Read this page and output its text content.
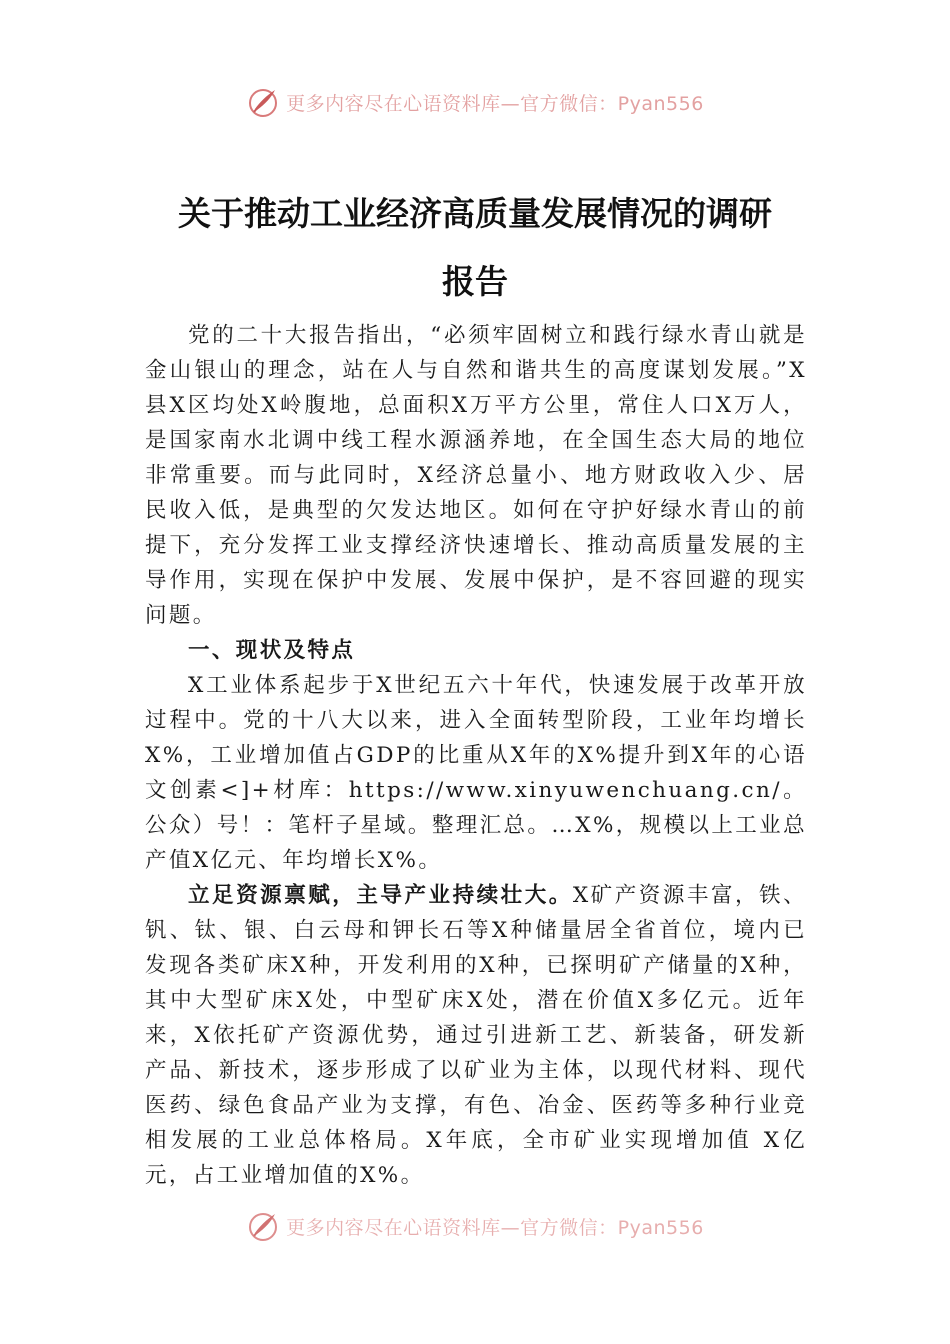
更多内容尽在心语资料库—官方微信：Pyan556
关于推动工业经济高质量发展情况的调研
报告

党的二十大报告指出，“必须牢固树立和践行绿水青山就是金山银山的理念，站在人与自然和谐共生的高度谋划发展。”X县X区均处X岭腹地，总面积X万平方公里，常住人口X万人，是国家南水北调中线工程水源涵养地，在全国生态大局的地位非常重要。而与此同时，X经济总量小、地方财政收入少、居民收入低，是典型的欠发达地区。如何在守护好绿水青山的前提下，充分发挥工业支撑经济快速增长、推动高质量发展的主导作用，实现在保护中发展、发展中保护，是不容回避的现实问题。

一、现状及特点

X工业体系起步于X世纪五六十年代，快速发展于改革开放过程中。党的十八大以来，进入全面转型阶段，工业年均增长X%，工业增加值占GDP的比重从X年的X%提升到X年的心语文创素<]+材库：https://www.xinyuwenchuang.cn/。公众）号！：笔杆子星域。整理汇总。…X%，规模以上工业总产值X亿元、年均增长X%。

立足资源禀赋，主导产业持续壮大。X矿产资源丰富，铁、钒、钛、银、白云母和钾长石等X种储量居全省首位，境内已发现各类矿床X种，开发利用的X种，已探明矿产储量的X种，其中大型矿床X处，中型矿床X处，潜在价值X多亿元。近年来，X依托矿产资源优势，通过引进新工艺、新装备，研发新产品、新技术，逐步形成了以矿业为主体，以现代材料、现代医药、绿色食品产业为支撑，有色、冶金、医药等多种行业竞相发展的工业总体格局。X年底，全市矿业实现增加值 X亿元，占工业增加值的X%。

更多内容尽在心语资料库—官方微信：Pyan556
